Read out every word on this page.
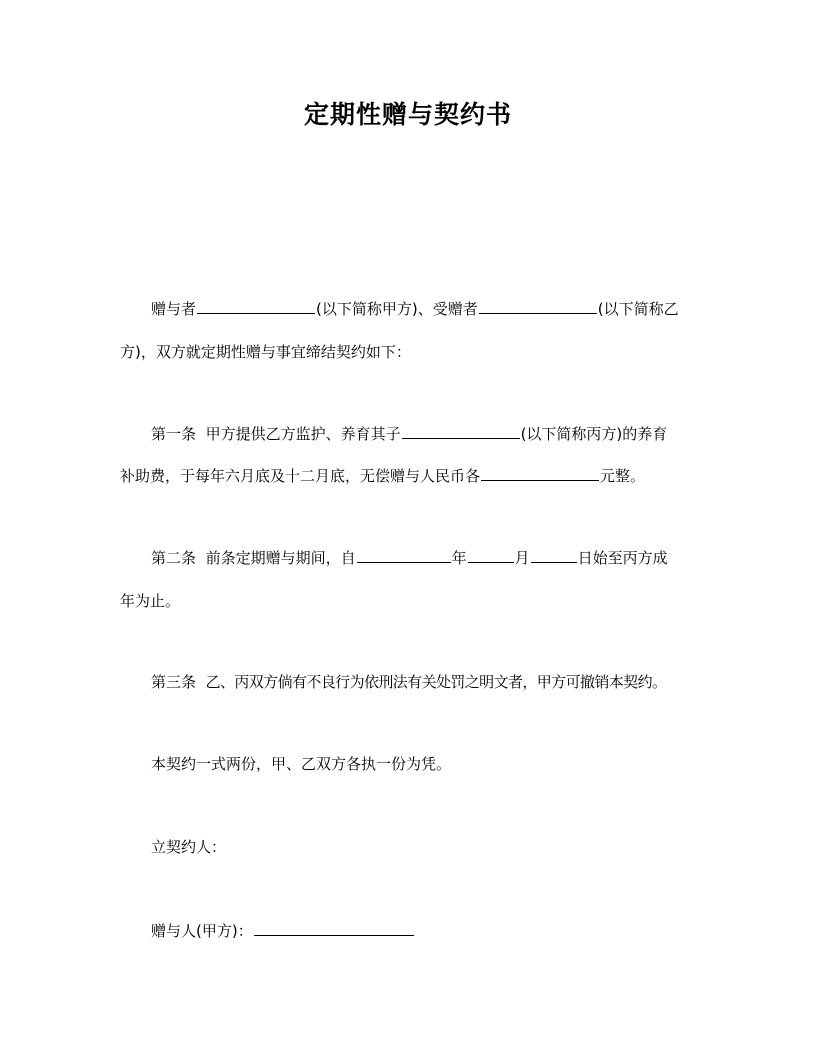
定期性赠与契约书
赠与者	(以下简称甲方)、受赠者	(以下简称乙
方)，双方就定期性赠与事宜缔结契约如下：
第一条 甲方提供乙方监护、养育其子	(以下简称丙方)的养育
补助费，于每年六月底及十二月底，无偿赠与人民币各	元整。
第二条 前条定期赠与期间，自	年	月	日始至丙方成
年为止。
第三条 乙、丙双方倘有不良行为依刑法有关处罚之明文者，甲方可撤销本契约。
本契约一式两份，甲、乙双方各执一份为凭。
立契约人：
赠与人(甲方)：
